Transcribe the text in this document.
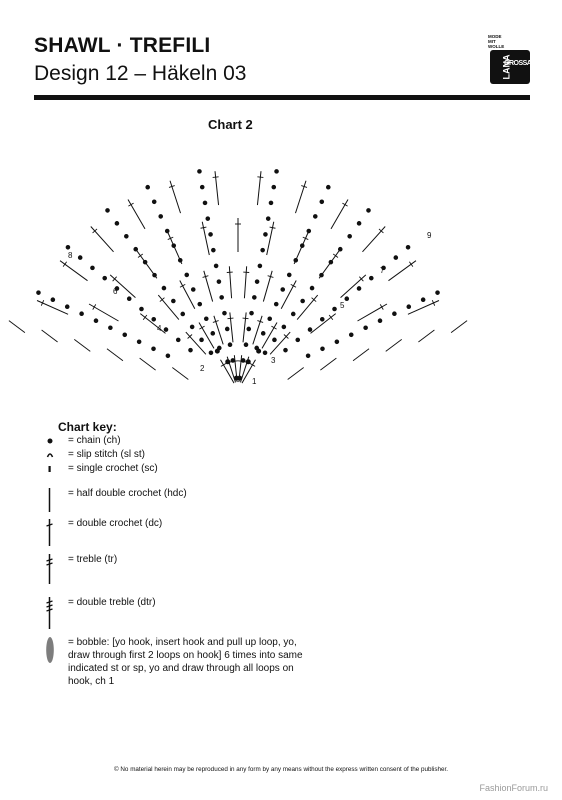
SHAWL · TREFILI
Design 12 – Häkeln 03
MODE MIT WOLLE
LANA
GROSSA
Chart 2
1
2
3
4
5
6
7
8
9
Chart key:
= chain (ch)
= slip stitch (sl st)
= single crochet (sc)
= half double crochet (hdc)
= double crochet (dc)
= treble (tr)
= double treble (dtr)
= bobble: [yo hook, insert hook and pull up loop, yo, draw through first 2 loops on hook] 6 times into same indicated st or sp, yo and draw through all loops on hook, ch 1
© No material herein may be reproduced in any form by any means without the express written consent of the publisher.
FashionForum.ru
